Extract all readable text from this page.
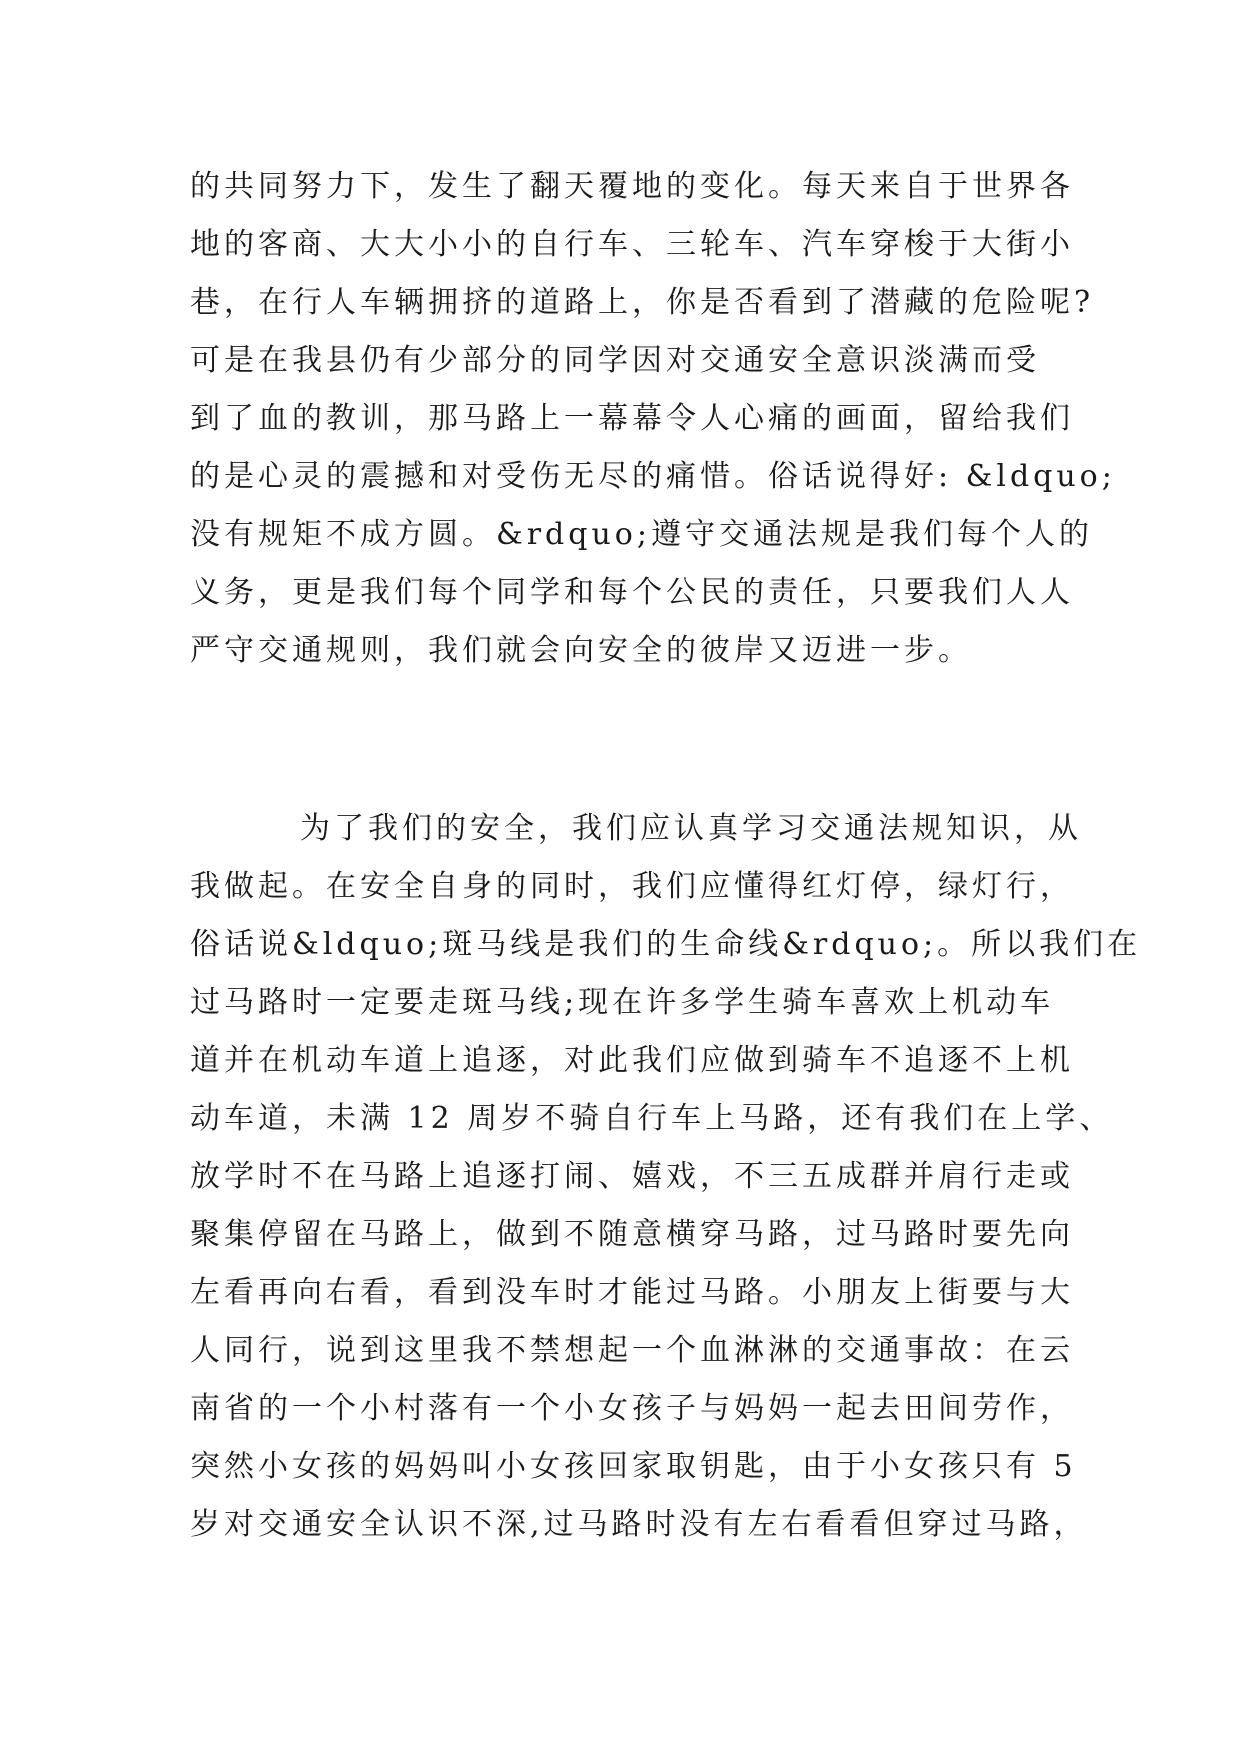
的共同努力下，发生了翻天覆地的变化。每天来自于世界各
地的客商、大大小小的自行车、三轮车、汽车穿梭于大街小
巷，在行人车辆拥挤的道路上，你是否看到了潜藏的危险呢?
可是在我县仍有少部分的同学因对交通安全意识淡满而受
到了血的教训，那马路上一幕幕令人心痛的画面，留给我们
的是心灵的震撼和对受伤无尽的痛惜。俗话说得好: &ldquo;
没有规矩不成方圆。&rdquo;遵守交通法规是我们每个人的
义务，更是我们每个同学和每个公民的责任，只要我们人人
严守交通规则，我们就会向安全的彼岸又迈进一步。
为了我们的安全，我们应认真学习交通法规知识，从
我做起。在安全自身的同时，我们应懂得红灯停，绿灯行，
俗话说&ldquo;斑马线是我们的生命线&rdquo;。所以我们在
过马路时一定要走斑马线;现在许多学生骑车喜欢上机动车
道并在机动车道上追逐，对此我们应做到骑车不追逐不上机
动车道，未满 12 周岁不骑自行车上马路，还有我们在上学、
放学时不在马路上追逐打闹、嬉戏，不三五成群并肩行走或
聚集停留在马路上，做到不随意横穿马路，过马路时要先向
左看再向右看，看到没车时才能过马路。小朋友上街要与大
人同行，说到这里我不禁想起一个血淋淋的交通事故：在云
南省的一个小村落有一个小女孩子与妈妈一起去田间劳作，
突然小女孩的妈妈叫小女孩回家取钥匙，由于小女孩只有 5
岁对交通安全认识不深,过马路时没有左右看看但穿过马路，
